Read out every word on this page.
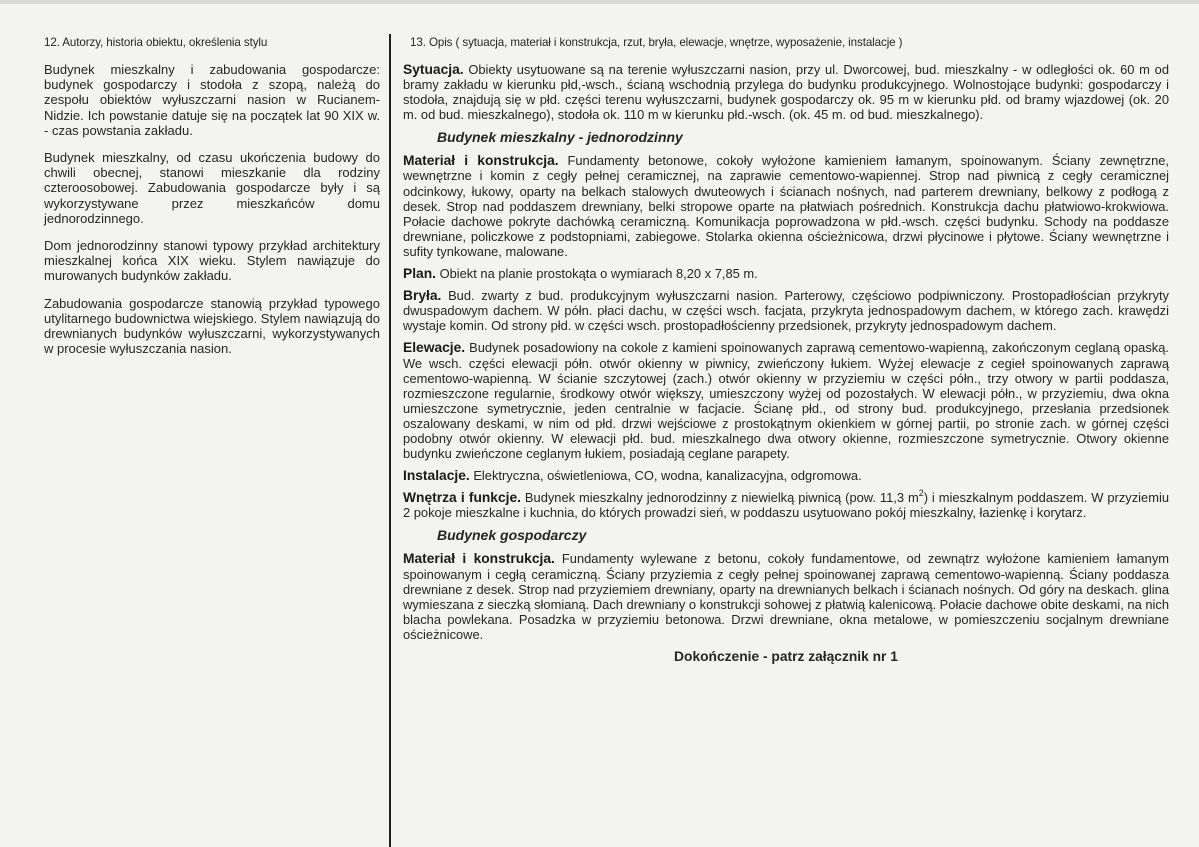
12. Autorzy, historia obiektu, określenia stylu

Budynek mieszkalny i zabudowania gospodarcze: budynek gospodarczy i stodoła z szopą, należą do zespołu obiektów wyłuszczarni nasion w Rucianem-Nidzie. Ich powstanie datuje się na początek lat 90 XIX w. - czas powstania zakładu.

Budynek mieszkalny, od czasu ukończenia budowy do chwili obecnej, stanowi mieszkanie dla rodziny czteroosobowej. Zabudowania gospodarcze były i są wykorzystywane przez mieszkańców domu jednorodzinnego.

Dom jednorodzinny stanowi typowy przykład architektury mieszkalnej końca XIX wieku. Stylem nawiązuje do murowanych budynków zakładu.

Zabudowania gospodarcze stanowią przykład typowego utylitarnego budownictwa wiejskiego. Stylem nawiązują do drewnianych budynków wyłuszczarni, wykorzystywanych w procesie wyłuszczania nasion.

13. Opis ( sytuacja, materiał i konstrukcja, rzut, bryła, elewacje, wnętrze, wyposażenie, instalacje )

Sytuacja. Obiekty usytuowane są na terenie wyłuszczarni nasion, przy ul. Dworcowej, bud. mieszkalny - w odległości ok. 60 m od bramy zakładu w kierunku płd,-wsch., ścianą wschodnią przylega do budynku produkcyjnego. Wolnostojące budynki: gospodarczy i stodoła, znajdują się w płd. części terenu wyłuszczarni, budynek gospodarczy ok. 95 m w kierunku płd. od bramy wjazdowej (ok. 20 m. od bud. mieszkalnego), stodoła ok. 110 m w kierunku płd.-wsch. (ok. 45 m. od bud. mieszkalnego).

Budynek mieszkalny - jednorodzinny

Materiał i konstrukcja. Fundamenty betonowe, cokoły wyłożone kamieniem łamanym, spoinowanym. Ściany zewnętrzne, wewnętrzne i komin z cegły pełnej ceramicznej, na zaprawie cementowo-wapiennej. Strop nad piwnicą z cegły ceramicznej odcinkowy, łukowy, oparty na belkach stalowych dwuteowych i ścianach nośnych, nad parterem drewniany, belkowy z podłogą z desek. Strop nad poddaszem drewniany, belki stropowe oparte na płatwiach pośrednich. Konstrukcja dachu płatwiowo-krokwiowa. Połacie dachowe pokryte dachówką ceramiczną. Komunikacja poprowadzona w płd.-wsch. części budynku. Schody na poddasze drewniane, policzkowe z podstopniami, zabiegowe. Stolarka okienna ościeżnicowa, drzwi płycinowe i płytowe. Ściany wewnętrzne i sufity tynkowane, malowane.

Plan. Obiekt na planie prostokąta o wymiarach 8,20 x 7,85 m.

Bryła. Bud. zwarty z bud. produkcyjnym wyłuszczarni nasion. Parterowy, częściowo podpiwniczony. Prostopadłościan przykryty dwuspadowym dachem. W półn. płaci dachu, w części wsch. facjata, przykryta jednospadowym dachem, w którego zach. krawędzi wystaje komin. Od strony płd. w części wsch. prostopadłościenny przedsionek, przykryty jednospadowym dachem.

Elewacje. Budynek posadowiony na cokole z kamieni spoinowanych zaprawą cementowo-wapienną, zakończonym ceglaną opaską. We wsch. części elewacji półn. otwór okienny w piwnicy, zwieńczony łukiem. Wyżej elewacje z cegieł spoinowanych zaprawą cementowo-wapienną. W ścianie szczytowej (zach.) otwór okienny w przyziemiu w części półn., trzy otwory w partii poddasza, rozmieszczone regularnie, środkowy otwór większy, umieszczony wyżej od pozostałych. W elewacji półn., w przyziemiu, dwa okna umieszczone symetrycznie, jeden centralnie w facjacie. Ścianę płd., od strony bud. produkcyjnego, przesłania przedsionek oszalowany deskami, w nim od płd. drzwi wejściowe z prostokątnym okienkiem w górnej partii, po stronie zach. w górnej części podobny otwór okienny. W elewacji płd. bud. mieszkalnego dwa otwory okienne, rozmieszczone symetrycznie. Otwory okienne budynku zwieńczone ceglanym łukiem, posiadają ceglane parapety.

Instalacje. Elektryczna, oświetleniowa, CO, wodna, kanalizacyjna, odgromowa.

Wnętrza i funkcje. Budynek mieszkalny jednorodzinny z niewielką piwnicą (pow. 11,3 $m^2$) i mieszkalnym poddaszem. W przyziemiu 2 pokoje mieszkalne i kuchnia, do których prowadzi sień, w poddaszu usytuowano pokój mieszkalny, łazienkę i korytarz.

Budynek gospodarczy

Materiał i konstrukcja. Fundamenty wylewane z betonu, cokoły fundamentowe, od zewnątrz wyłożone kamieniem łamanym spoinowanym i cegłą ceramiczną. Ściany przyziemia z cegły pełnej spoinowanej zaprawą cementowo-wapienną. Ściany poddasza drewniane z desek. Strop nad przyziemiem drewniany, oparty na drewnianych belkach i ścianach nośnych. Od góry na deskach. glina wymieszana z sieczką słomianą. Dach drewniany o konstrukcji sohowej z płatwią kalenicową. Połacie dachowe obite deskami, na nich blacha powlekana. Posadzka w przyziemiu betonowa. Drzwi drewniane, okna metalowe, w pomieszczeniu socjalnym drewniane ościeżnicowe.

Dokończenie - patrz załącznik nr 1
